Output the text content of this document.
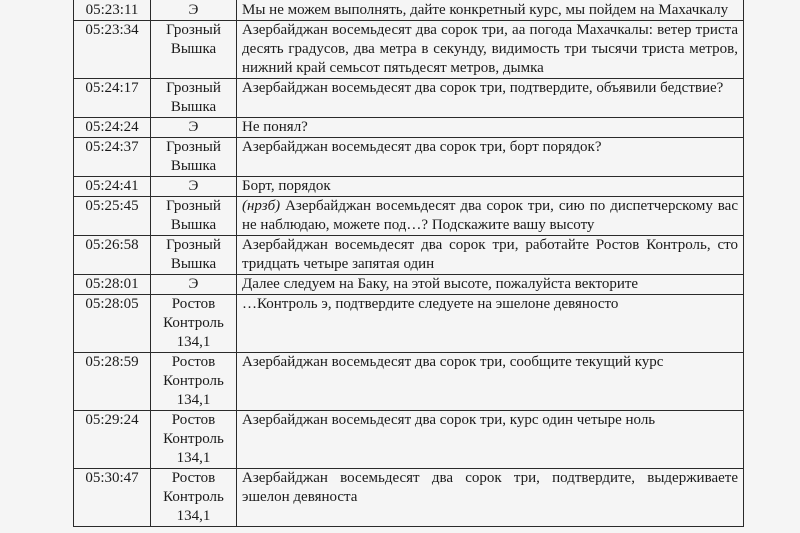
05:23:11	Э	Мы не можем выполнять, дайте конкретный курс, мы пойдем на Махачкалу
05:23:34	Грозный Вышка	Азербайджан восемьдесят два сорок три, аа погода Махачкалы: ветер триста десять градусов, два метра в секунду, видимость три тысячи триста метров, нижний край семьсот пятьдесят метров, дымка
05:24:17	Грозный Вышка	Азербайджан восемьдесят два сорок три, подтвердите, объявили бедствие?
05:24:24	Э	Не понял?
05:24:37	Грозный Вышка	Азербайджан восемьдесят два сорок три, борт порядок?
05:24:41	Э	Борт, порядок
05:25:45	Грозный Вышка	(нрзб) Азербайджан восемьдесят два сорок три, сию по диспетчерскому вас не наблюдаю, можете под…? Подскажите вашу высоту
05:26:58	Грозный Вышка	Азербайджан восемьдесят два сорок три, работайте Ростов Контроль, сто тридцать четыре запятая один
05:28:01	Э	Далее следуем на Баку, на этой высоте, пожалуйста векторите
05:28:05	Ростов Контроль 134,1	…Контроль э, подтвердите следуете на эшелоне девяносто
05:28:59	Ростов Контроль 134,1	Азербайджан восемьдесят два сорок три, сообщите текущий курс
05:29:24	Ростов Контроль 134,1	Азербайджан восемьдесят два сорок три, курс один четыре ноль
05:30:47	Ростов Контроль 134,1	Азербайджан восемьдесят два сорок три, подтвердите, выдерживаете эшелон девяноста
